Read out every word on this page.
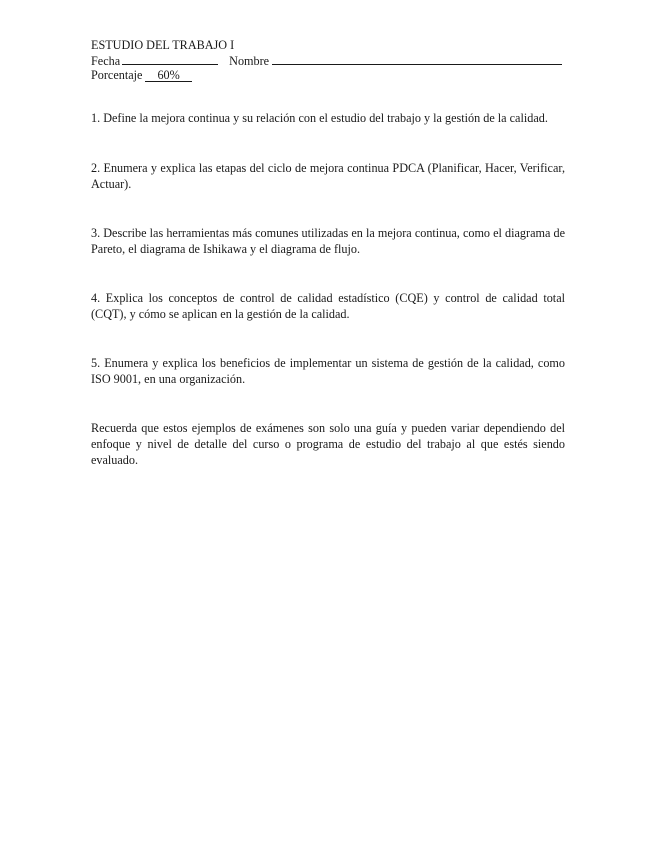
ESTUDIO DEL TRABAJO I
Fecha	Nombre
Porcentaje 60%

1. Define la mejora continua y su relación con el estudio del trabajo y la gestión de la calidad.

2. Enumera y explica las etapas del ciclo de mejora continua PDCA (Planificar, Hacer, Verificar, Actuar).

3. Describe las herramientas más comunes utilizadas en la mejora continua, como el diagrama de Pareto, el diagrama de Ishikawa y el diagrama de flujo.

4. Explica los conceptos de control de calidad estadístico (CQE) y control de calidad total (CQT), y cómo se aplican en la gestión de la calidad.

5. Enumera y explica los beneficios de implementar un sistema de gestión de la calidad, como ISO 9001, en una organización.

Recuerda que estos ejemplos de exámenes son solo una guía y pueden variar dependiendo del enfoque y nivel de detalle del curso o programa de estudio del trabajo al que estés siendo evaluado.
